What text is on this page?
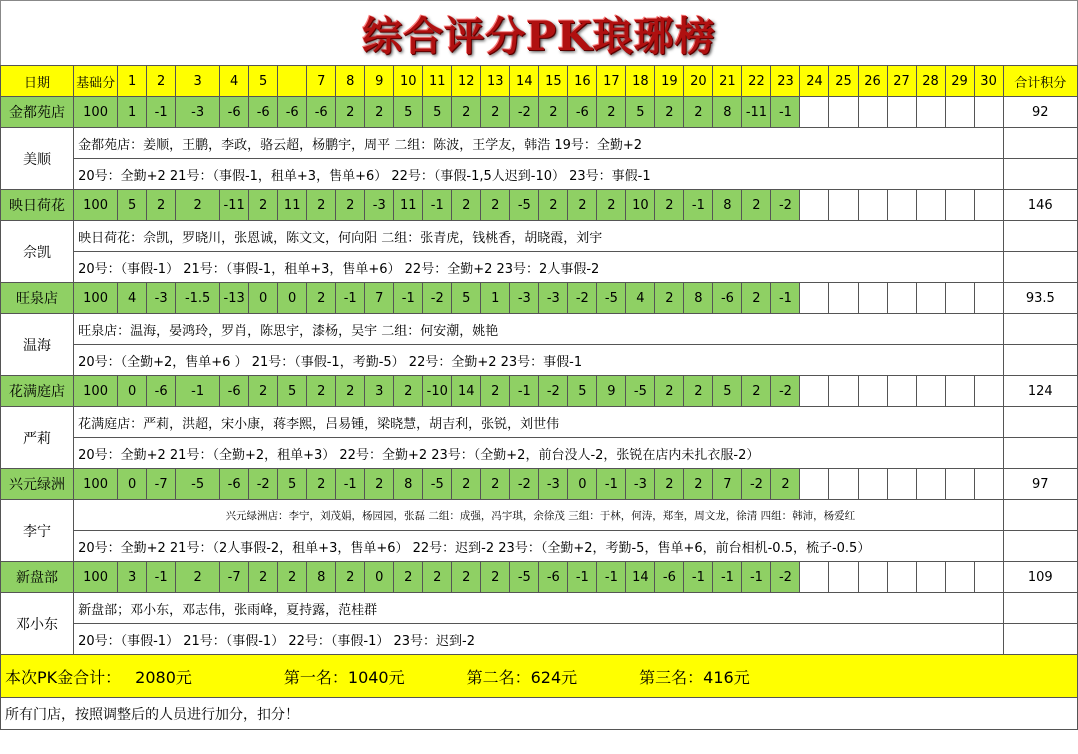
综合评分PK琅琊榜
日期	基础分	1	2	3	4	5		7	8	9	10	11	12	13	14	15	16	17	18	19	20	21	22	23	24	25	26	27	28	29	30	合计积分
金都苑店	100	1	-1	-3	-6	-6	-6	-6	2	2	5	5	2	2	-2	2	-6	2	5	2	2	8	-11	-1								92
美顺	金都苑店：姜顺，王鹏，李政，骆云超，杨鹏宇，周平 二组：陈波，王学友，韩浩 19号：全勤+2																															
	20号：全勤+2 21号：（事假-1，租单+3，售单+6） 22号：（事假-1,5人迟到-10） 23号：事假-1																															
映日荷花	100	5	2	2	-11	2	11	2	2	-3	11	-1	2	2	-5	2	2	2	10	2	-1	8	2	-2								146
佘凯	映日荷花：佘凯，罗晓川，张恩诚，陈文文，何向阳 二组：张青虎，钱桃香，胡晓霞，刘宇																															
	20号：（事假-1） 21号：（事假-1，租单+3，售单+6） 22号：全勤+2 23号：2人事假-2																															
旺泉店	100	4	-3	-1.5	-13	0	0	2	-1	7	-1	-2	5	1	-3	-3	-2	-5	4	2	8	-6	2	-1								93.5
温海	旺泉店：温海，晏鸿玲，罗肖，陈思宇，漆杨，吴宇 二组：何安潮，姚艳																															
	20号：（全勤+2，售单+6 ） 21号：（事假-1，考勤-5） 22号：全勤+2 23号：事假-1																															
花满庭店	100	0	-6	-1	-6	2	5	2	2	3	2	-10	14	2	-1	-2	5	9	-5	2	2	5	2	-2								124
严莉	花满庭店：严莉，洪超，宋小康，蒋李熙，吕易锺，梁晓慧，胡吉利，张锐，刘世伟																															
	20号：全勤+2 21号：（全勤+2，租单+3） 22号：全勤+2 23号：（全勤+2，前台没人-2，张锐在店内未扎衣服-2）																															
兴元绿洲	100	0	-7	-5	-6	-2	5	2	-1	2	8	-5	2	2	-2	-3	0	-1	-3	2	2	7	-2	2								97
李宁	兴元绿洲店：李宁，刘茂娟，杨园园，张磊 二组：成强，冯宇琪，余徐茂 三组：于林，何涛，郑奎，周文龙，徐清 四组：韩沛，杨爱红																															
	20号：全勤+2 21号：（2人事假-2，租单+3，售单+6） 22号：迟到-2 23号：（全勤+2，考勤-5，售单+6，前台相机-0.5，梳子-0.5）																															
新盘部	100	3	-1	2	-7	2	2	8	2	0	2	2	2	2	-5	-6	-1	-1	14	-6	-1	-1	-1	-2								109
邓小东	新盘部；邓小东，邓志伟，张雨峰，夏持露，范桂群																															
	20号：（事假-1） 21号：（事假-1） 22号：（事假-1） 23号：迟到-2																															
本次PK金合计： 2080元 第一名：1040元 第二名：624元 第三名：416元																																
所有门店，按照调整后的人员进行加分，扣分！																																
